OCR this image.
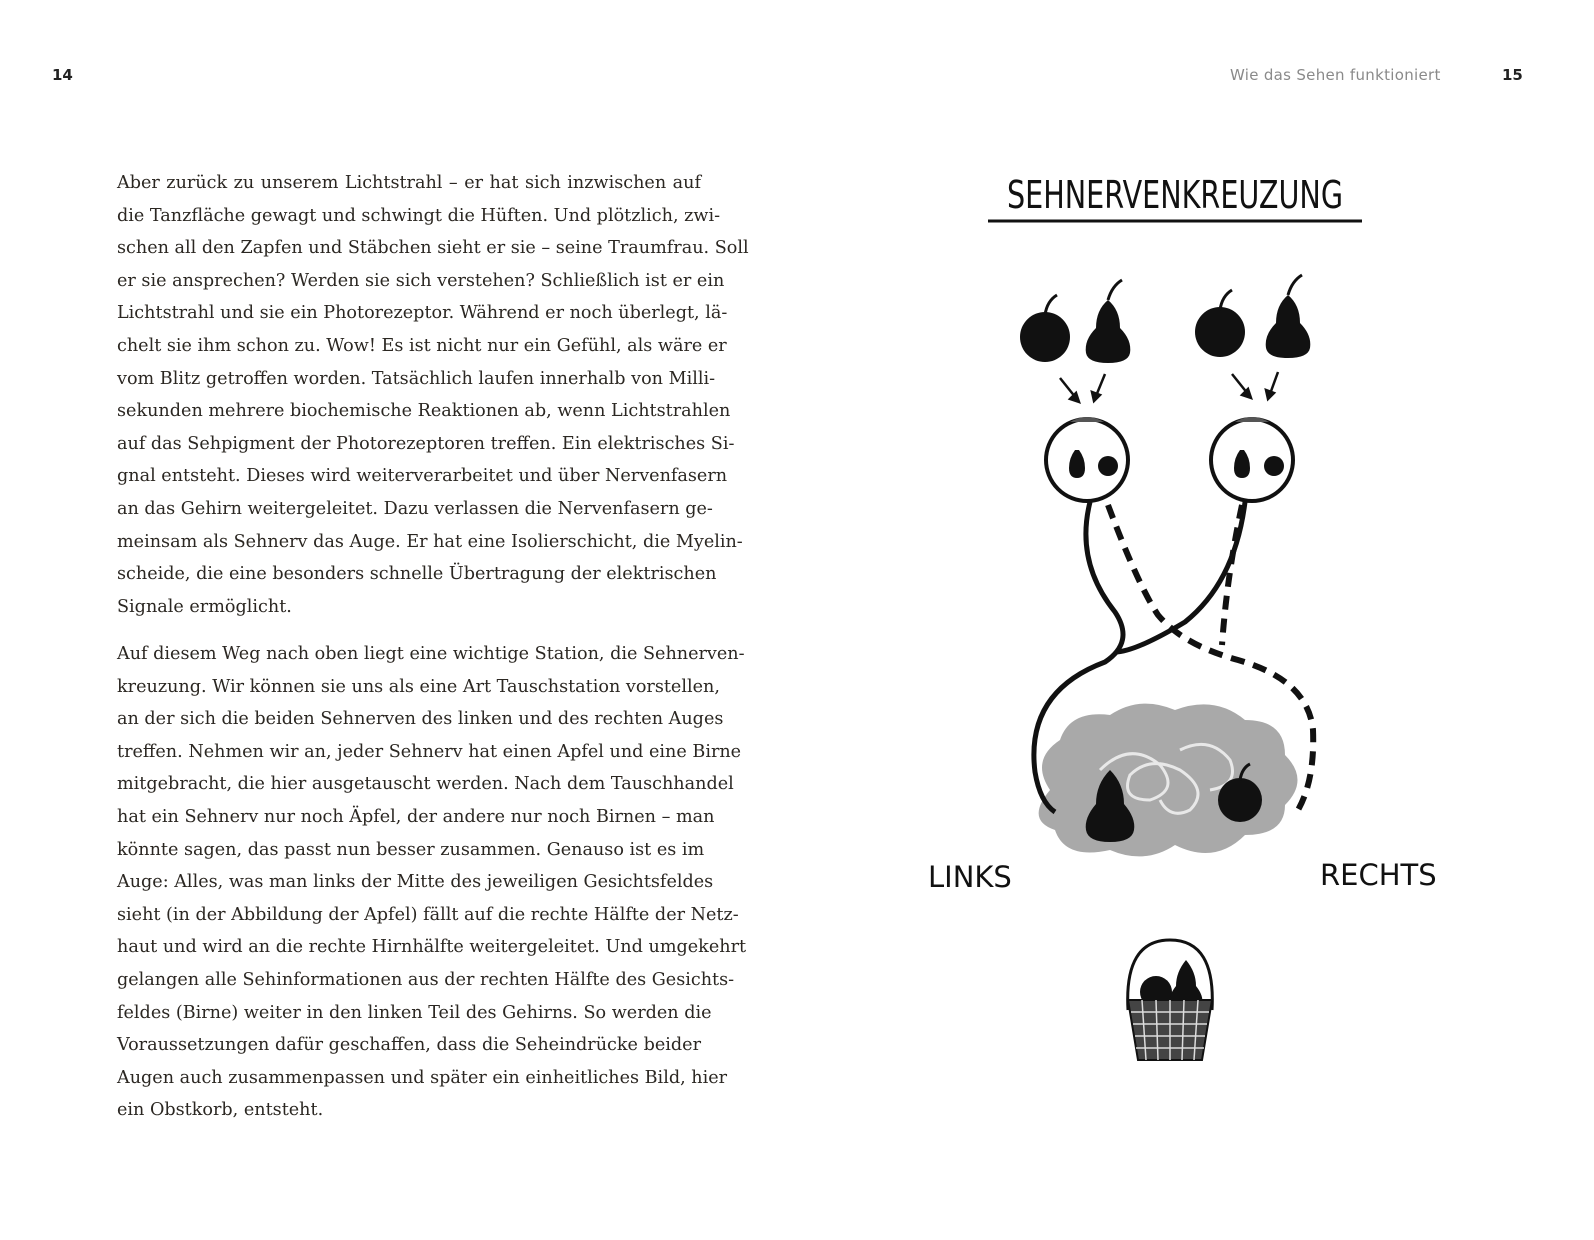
14	Wie das Sehen funktioniert	15
Aber zurück zu unserem Lichtstrahl – er hat sich inzwischen auf
die Tanzfläche gewagt und schwingt die Hüften. Und plötzlich, zwi-
schen all den Zapfen und Stäbchen sieht er sie – seine Traumfrau. Soll
er sie ansprechen? Werden sie sich verstehen? Schließlich ist er ein
Lichtstrahl und sie ein Photorezeptor. Während er noch überlegt, lä-
chelt sie ihm schon zu. Wow! Es ist nicht nur ein Gefühl, als wäre er
vom Blitz getroffen worden. Tatsächlich laufen innerhalb von Milli-
sekunden mehrere biochemische Reaktionen ab, wenn Lichtstrahlen
auf das Sehpigment der Photorezeptoren treffen. Ein elektrisches Si-
gnal entsteht. Dieses wird weiterverarbeitet und über Nervenfasern
an das Gehirn weitergeleitet. Dazu verlassen die Nervenfasern ge-
meinsam als Sehnerv das Auge. Er hat eine Isolierschicht, die Myelin-
scheide, die eine besonders schnelle Übertragung der elektrischen
Signale ermöglicht.
Auf diesem Weg nach oben liegt eine wichtige Station, die Sehnerven-
kreuzung. Wir können sie uns als eine Art Tauschstation vorstellen,
an der sich die beiden Sehnerven des linken und des rechten Auges
treffen. Nehmen wir an, jeder Sehnerv hat einen Apfel und eine Birne
mitgebracht, die hier ausgetauscht werden. Nach dem Tauschhandel
hat ein Sehnerv nur noch Äpfel, der andere nur noch Birnen – man
könnte sagen, das passt nun besser zusammen. Genauso ist es im
Auge: Alles, was man links der Mitte des jeweiligen Gesichtsfeldes
sieht (in der Abbildung der Apfel) fällt auf die rechte Hälfte der Netz-
haut und wird an die rechte Hirnhälfte weitergeleitet. Und umgekehrt
gelangen alle Sehinformationen aus der rechten Hälfte des Gesichts-
feldes (Birne) weiter in den linken Teil des Gehirns. So werden die
Voraussetzungen dafür geschaffen, dass die Seheindrücke beider
Augen auch zusammenpassen und später ein einheitliches Bild, hier
ein Obstkorb, entsteht.
SEHNERVENKREUZUNG
LINKS	RECHTS
